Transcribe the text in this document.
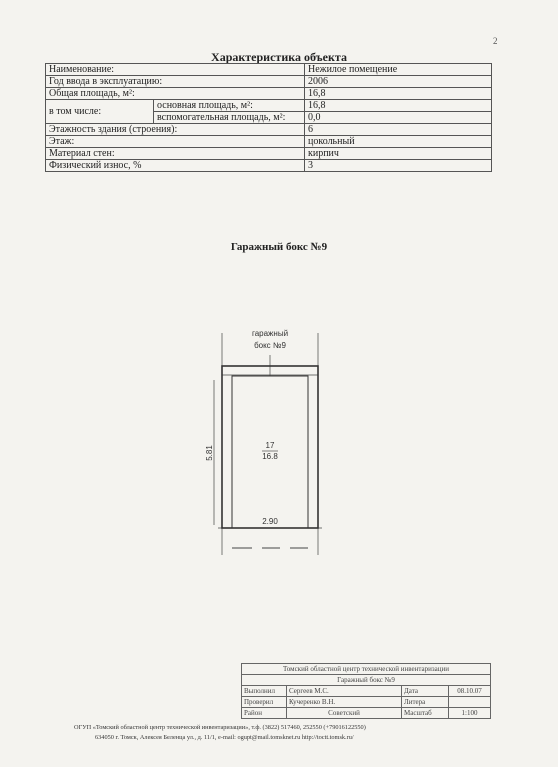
2
Характеристика объекта
Наименование:		Нежилое помещение
Год ввода в эксплуатацию:		2006
Общая площадь, м²:		16,8
в том числе:	основная площадь, м²:	16,8
	вспомогательная площадь, м²:	0,0
Этажность здания (строения):		6
Этаж:		цокольный
Материал стен:		кирпич
Физический износ, %		3
Гаражный бокс №9
гаражный
бокс №9
17
16.8
5.81
2.90
Томский областной центр технической инвентаризации			
Гаражный бокс №9			
Выполнил	Сергеев М.С.	Дата	08.10.07
Проверил	Кучеренко В.Н.	Литера	
Район	Советский	Масштаб	1:100
ОГУП «Томский областной центр технической инвентаризации», т.ф. (3822) 517460, 252550 (+79016122550)
634050 г. Томск, Алексея Беленца ул., д. 11/1, е-mail: ogupt@mail.tomsknet.ru http://toctt.tomsk.ru/
